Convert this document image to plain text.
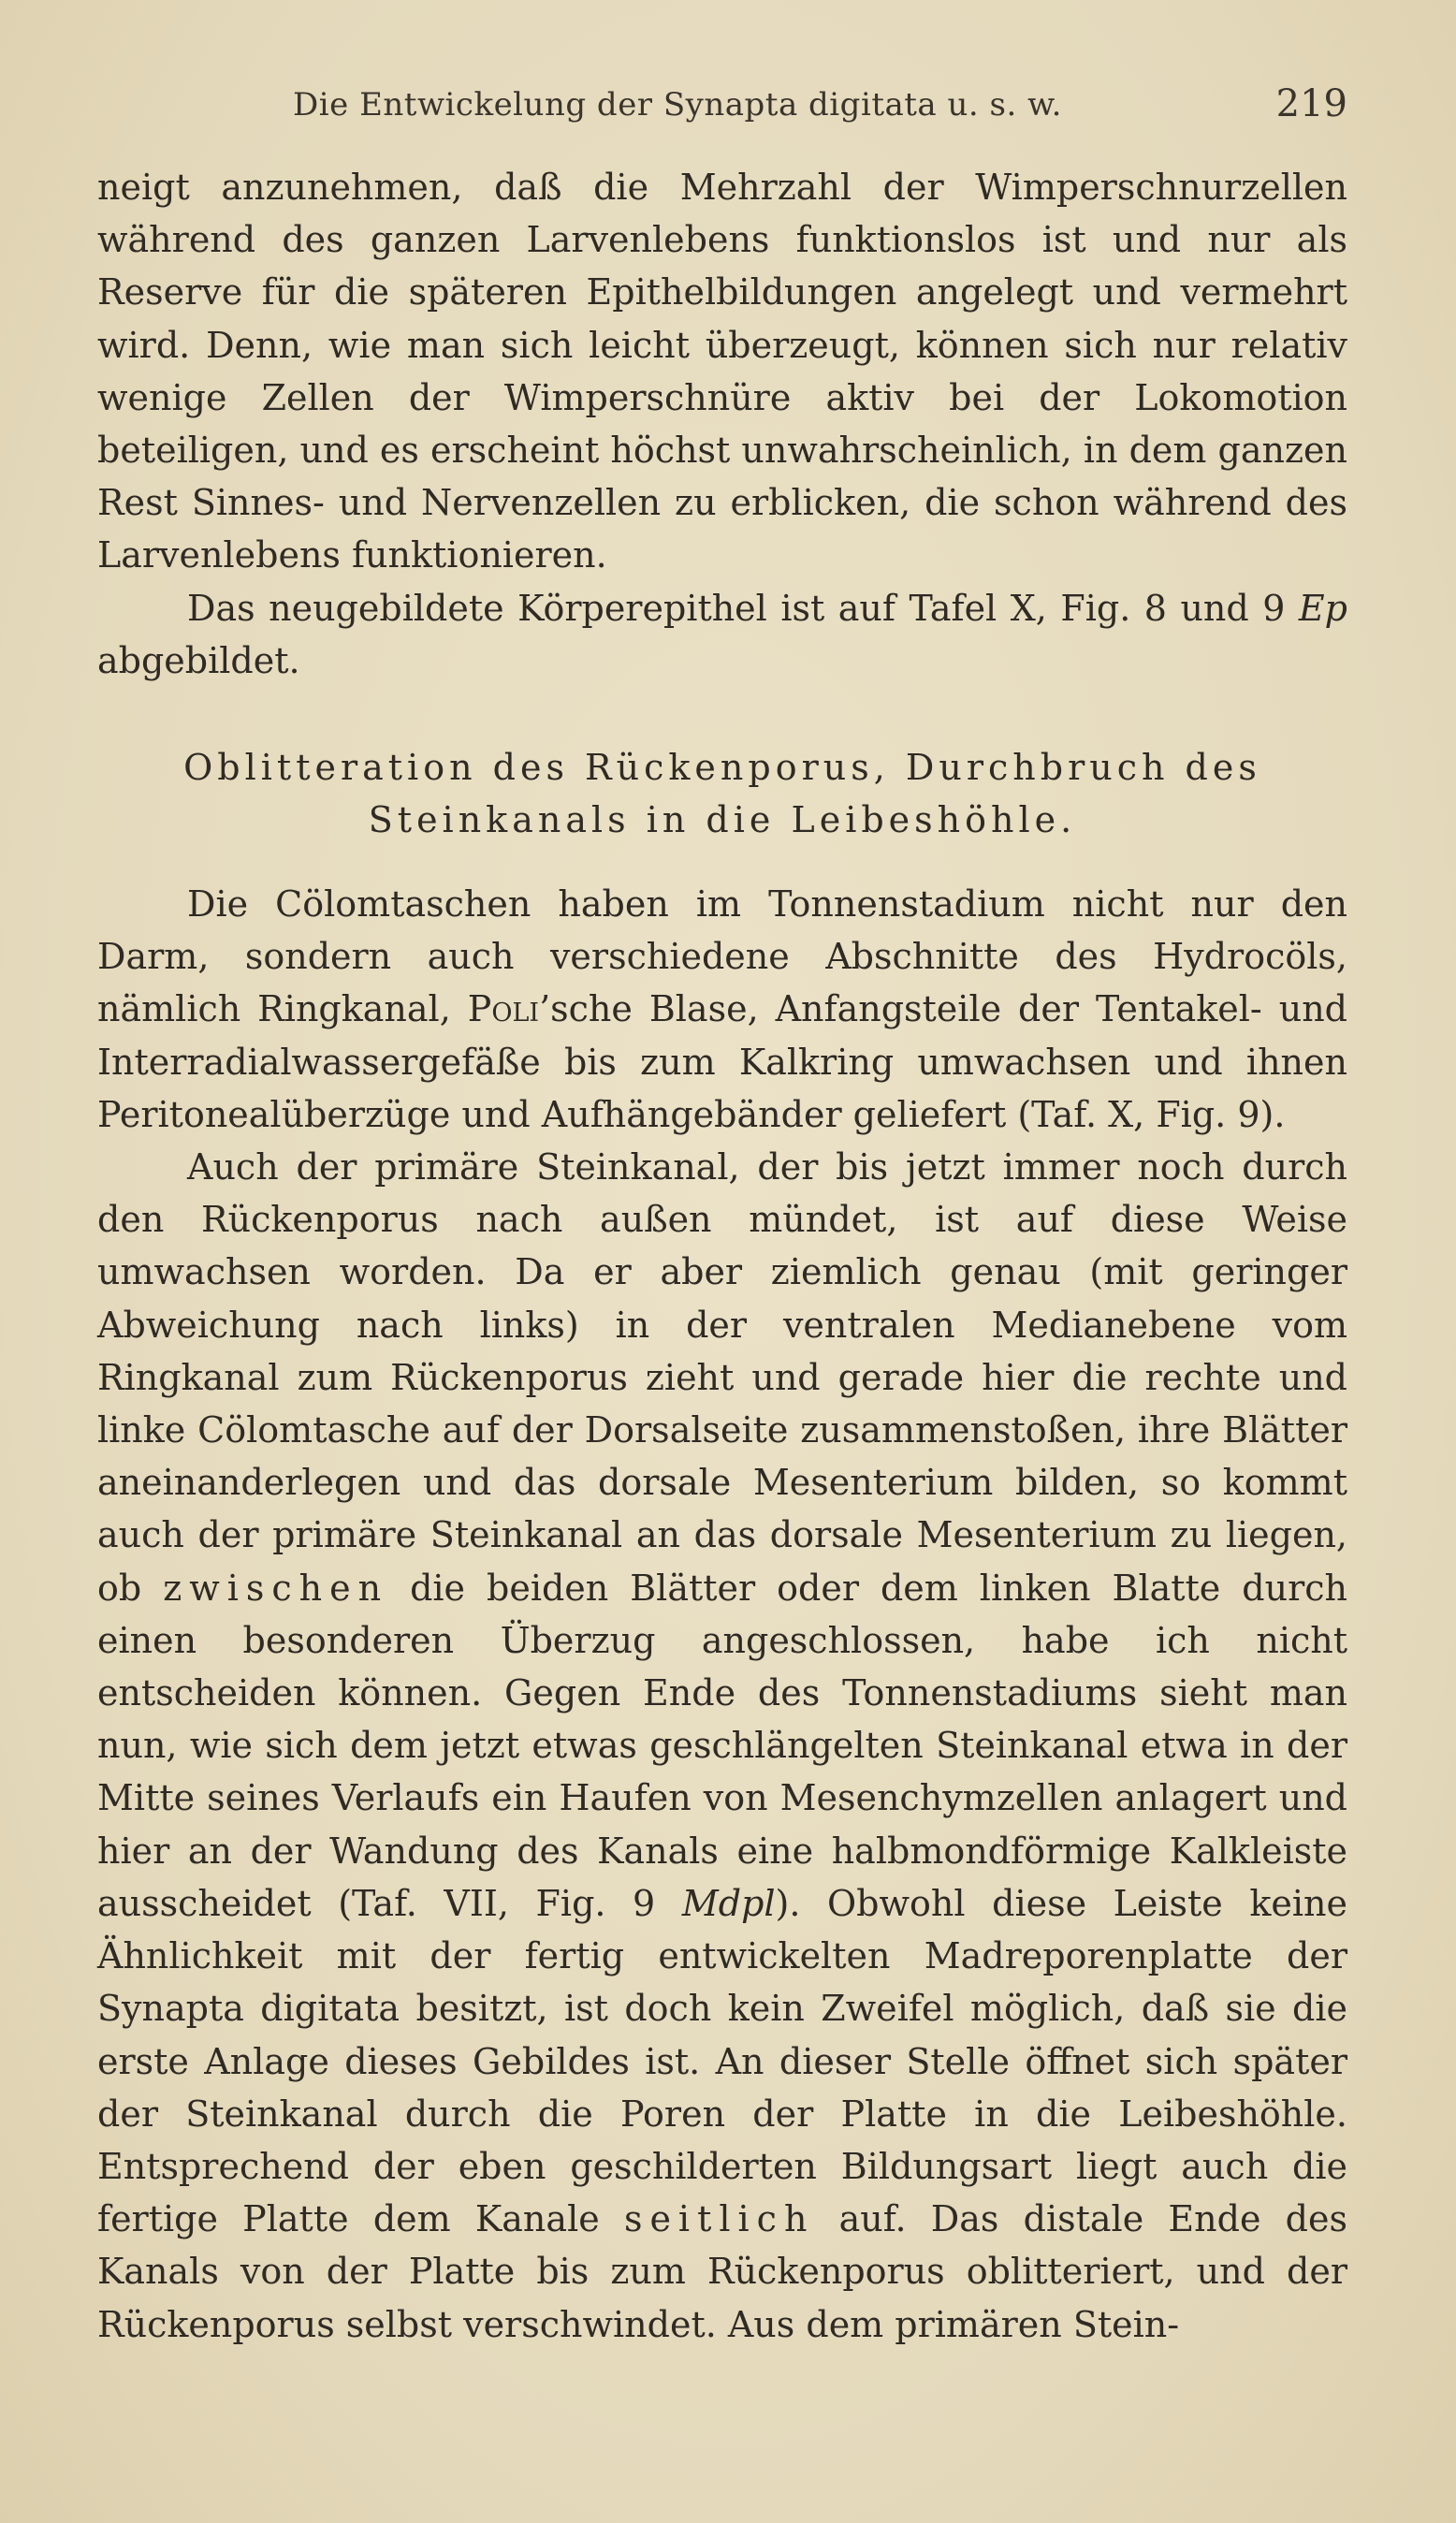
Die Entwickelung der Synapta digitata u. s. w.	219

neigt anzunehmen, daß die Mehrzahl der Wimperschnurzellen während des ganzen Larvenlebens funktionslos ist und nur als Reserve für die späteren Epithelbildungen angelegt und vermehrt wird. Denn, wie man sich leicht überzeugt, können sich nur relativ wenige Zellen der Wimperschnüre aktiv bei der Lokomotion beteiligen, und es erscheint höchst unwahrscheinlich, in dem ganzen Rest Sinnes- und Nervenzellen zu erblicken, die schon während des Larvenlebens funktionieren.

Das neugebildete Körperepithel ist auf Tafel X, Fig. 8 und 9 Ep abgebildet.

Oblitteration des Rückenporus, Durchbruch des
Steinkanals in die Leibeshöhle.

Die Cölomtaschen haben im Tonnenstadium nicht nur den Darm, sondern auch verschiedene Abschnitte des Hydrocöls, nämlich Ringkanal, Poli’sche Blase, Anfangsteile der Tentakel- und Interradialwassergefäße bis zum Kalkring umwachsen und ihnen Peritonealüberzüge und Aufhängebänder geliefert (Taf. X, Fig. 9).

Auch der primäre Steinkanal, der bis jetzt immer noch durch den Rückenporus nach außen mündet, ist auf diese Weise umwachsen worden. Da er aber ziemlich genau (mit geringer Abweichung nach links) in der ventralen Medianebene vom Ringkanal zum Rückenporus zieht und gerade hier die rechte und linke Cölomtasche auf der Dorsalseite zusammenstoßen, ihre Blätter aneinanderlegen und das dorsale Mesenterium bilden, so kommt auch der primäre Steinkanal an das dorsale Mesenterium zu liegen, ob zwischen die beiden Blätter oder dem linken Blatte durch einen besonderen Überzug angeschlossen, habe ich nicht entscheiden können. Gegen Ende des Tonnenstadiums sieht man nun, wie sich dem jetzt etwas geschlängelten Steinkanal etwa in der Mitte seines Verlaufs ein Haufen von Mesenchymzellen anlagert und hier an der Wandung des Kanals eine halbmondförmige Kalkleiste ausscheidet (Taf. VII, Fig. 9 Mdpl). Obwohl diese Leiste keine Ähnlichkeit mit der fertig entwickelten Madreporenplatte der Synapta digitata besitzt, ist doch kein Zweifel möglich, daß sie die erste Anlage dieses Gebildes ist. An dieser Stelle öffnet sich später der Steinkanal durch die Poren der Platte in die Leibeshöhle. Entsprechend der eben geschilderten Bildungsart liegt auch die fertige Platte dem Kanale seitlich auf. Das distale Ende des Kanals von der Platte bis zum Rückenporus oblitteriert, und der Rückenporus selbst verschwindet. Aus dem primären Stein-
